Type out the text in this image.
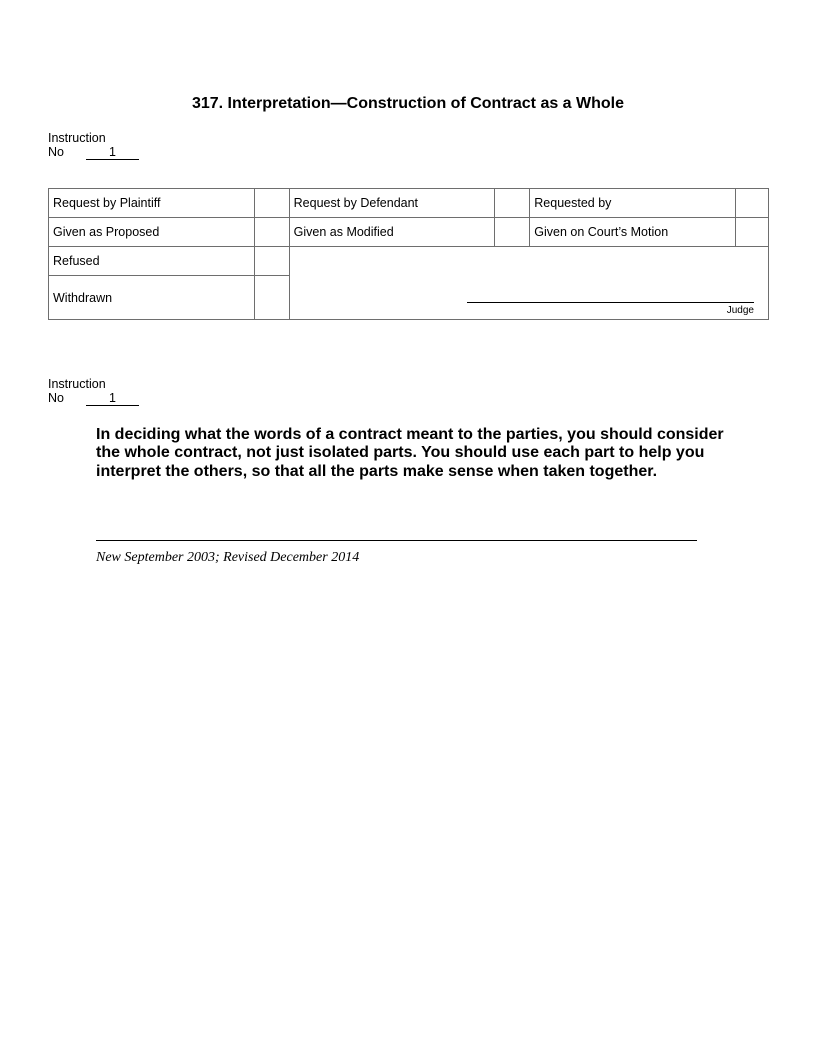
317. Interpretation—Construction of Contract as a Whole
Instruction
No	1
Request by Plaintiff		Request by Defendant		Requested by	
Given as Proposed		Given as Modified		Given on Court’s Motion	
Refused		Judge			

Withdrawn					
Instruction
No	1
In deciding what the words of a contract meant to the parties, you should consider the whole contract, not just isolated parts. You should use each part to help you interpret the others, so that all the parts make sense when taken together.
New September 2003; Revised December 2014
